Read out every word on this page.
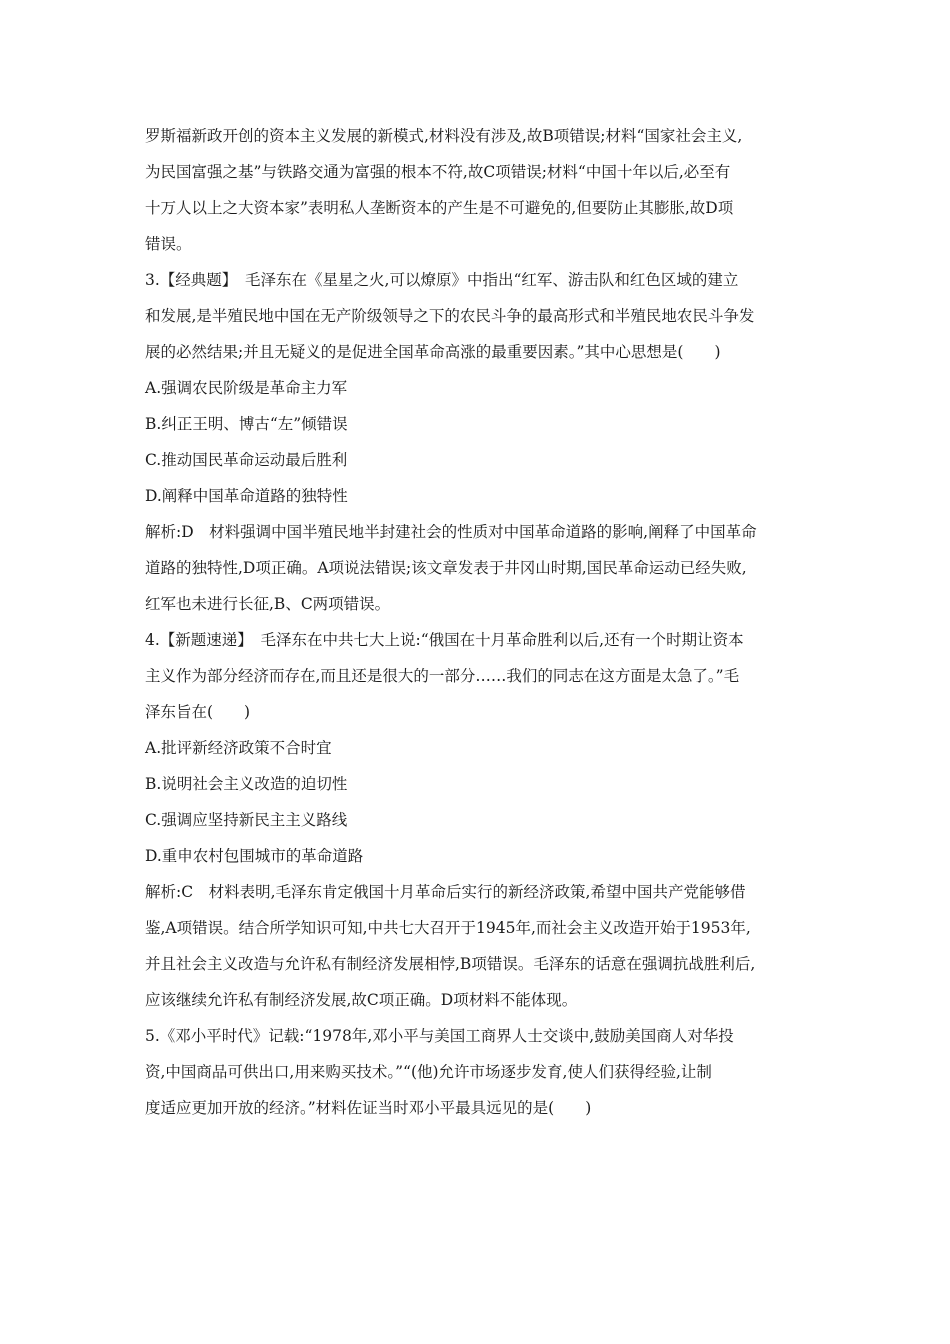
罗斯福新政开创的资本主义发展的新模式,材料没有涉及,故B项错误;材料“国家社会主义,
为民国富强之基”与铁路交通为富强的根本不符,故C项错误;材料“中国十年以后,必至有
十万人以上之大资本家”表明私人垄断资本的产生是不可避免的,但要防止其膨胀,故D项
错误。
3.【经典题】　毛泽东在《星星之火,可以燎原》中指出“红军、游击队和红色区域的建立
和发展,是半殖民地中国在无产阶级领导之下的农民斗争的最高形式和半殖民地农民斗争发
展的必然结果;并且无疑义的是促进全国革命高涨的最重要因素。”其中心思想是(　　)
A.强调农民阶级是革命主力军
B.纠正王明、博古“左”倾错误
C.推动国民革命运动最后胜利
D.阐释中国革命道路的独特性
解析:D　材料强调中国半殖民地半封建社会的性质对中国革命道路的影响,阐释了中国革命
道路的独特性,D项正确。A项说法错误;该文章发表于井冈山时期,国民革命运动已经失败,
红军也未进行长征,B、C两项错误。
4.【新题速递】　毛泽东在中共七大上说:“俄国在十月革命胜利以后,还有一个时期让资本
主义作为部分经济而存在,而且还是很大的一部分……我们的同志在这方面是太急了。”毛
泽东旨在(　　)
A.批评新经济政策不合时宜
B.说明社会主义改造的迫切性
C.强调应坚持新民主主义路线
D.重申农村包围城市的革命道路
解析:C　材料表明,毛泽东肯定俄国十月革命后实行的新经济政策,希望中国共产党能够借
鉴,A项错误。结合所学知识可知,中共七大召开于1945年,而社会主义改造开始于1953年,
并且社会主义改造与允许私有制经济发展相悖,B项错误。毛泽东的话意在强调抗战胜利后,
应该继续允许私有制经济发展,故C项正确。D项材料不能体现。
5.《邓小平时代》记载:“1978年,邓小平与美国工商界人士交谈中,鼓励美国商人对华投
资,中国商品可供出口,用来购买技术。”“(他)允许市场逐步发育,使人们获得经验,让制
度适应更加开放的经济。”材料佐证当时邓小平最具远见的是(　　)
